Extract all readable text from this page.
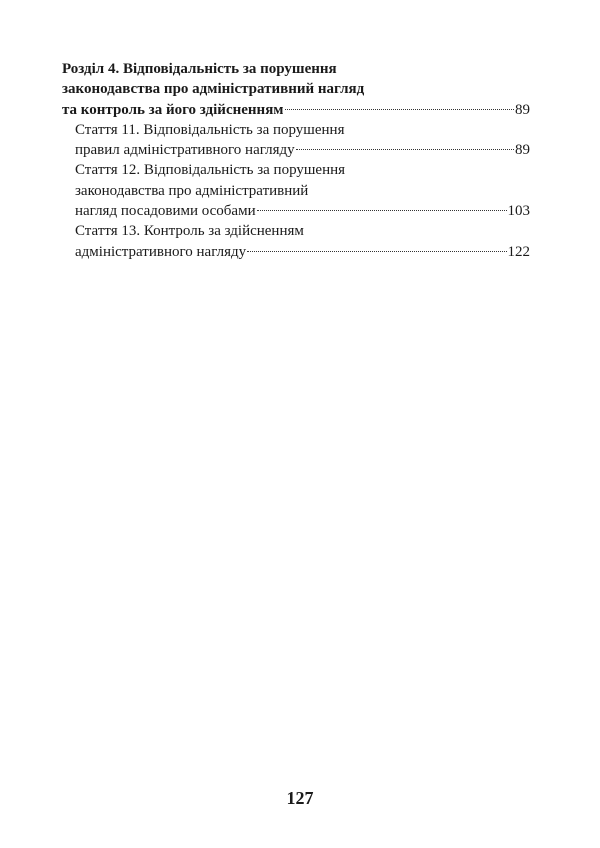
Розділ 4. Відповідальність за порушення
законодавства про адміністративний нагляд
та контроль за його здійсненням	89
Стаття 11. Відповідальність за порушення
правил адміністративного нагляду	89
Стаття 12. Відповідальність за порушення
законодавства про адміністративний
нагляд посадовими особами	103
Стаття 13. Контроль за здійсненням
адміністративного нагляду	122
127
